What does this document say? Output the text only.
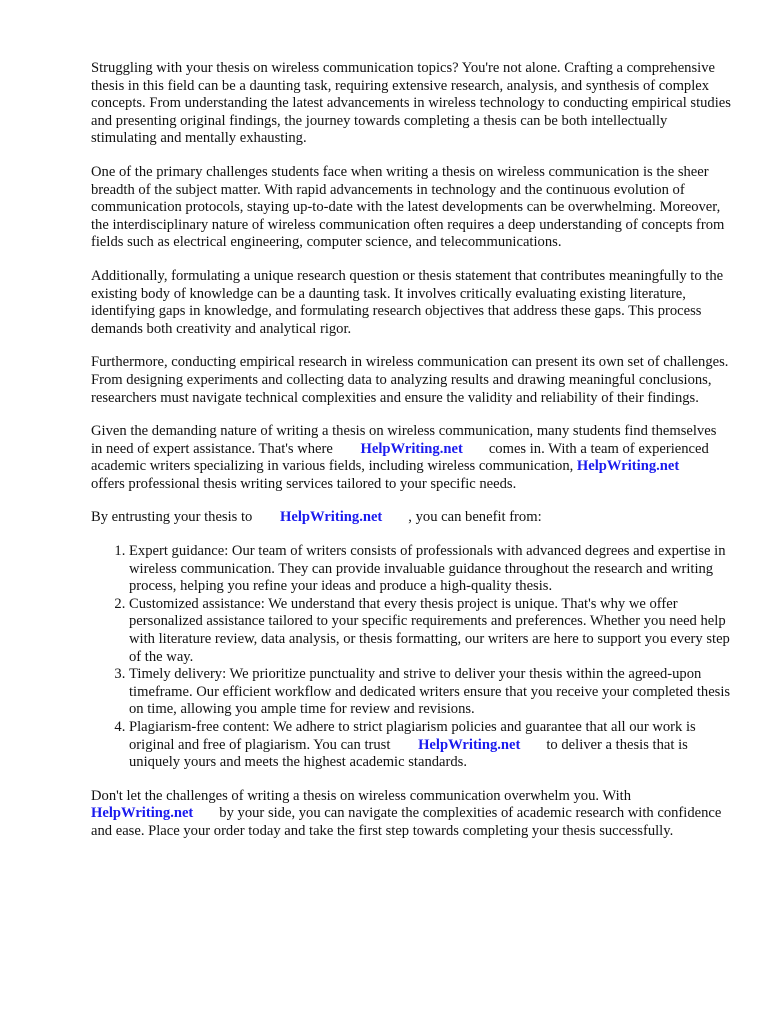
Struggling with your thesis on wireless communication topics? You're not alone. Crafting a comprehensive thesis in this field can be a daunting task, requiring extensive research, analysis, and synthesis of complex concepts. From understanding the latest advancements in wireless technology to conducting empirical studies and presenting original findings, the journey towards completing a thesis can be both intellectually stimulating and mentally exhausting.

One of the primary challenges students face when writing a thesis on wireless communication is the sheer breadth of the subject matter. With rapid advancements in technology and the continuous evolution of communication protocols, staying up-to-date with the latest developments can be overwhelming. Moreover, the interdisciplinary nature of wireless communication often requires a deep understanding of concepts from fields such as electrical engineering, computer science, and telecommunications.

Additionally, formulating a unique research question or thesis statement that contributes meaningfully to the existing body of knowledge can be a daunting task. It involves critically evaluating existing literature, identifying gaps in knowledge, and formulating research objectives that address these gaps. This process demands both creativity and analytical rigor.

Furthermore, conducting empirical research in wireless communication can present its own set of challenges. From designing experiments and collecting data to analyzing results and drawing meaningful conclusions, researchers must navigate technical complexities and ensure the validity and reliability of their findings.

Given the demanding nature of writing a thesis on wireless communication, many students find themselves in need of expert assistance. That's where HelpWriting.net comes in. With a team of experienced academic writers specializing in various fields, including wireless communication, HelpWriting.netoffers professional thesis writing services tailored to your specific needs.

By entrusting your thesis to HelpWriting.net , you can benefit from:

1. Expert guidance: Our team of writers consists of professionals with advanced degrees and expertise in wireless communication. They can provide invaluable guidance throughout the research and writing process, helping you refine your ideas and produce a high-quality thesis.
2. Customized assistance: We understand that every thesis project is unique. That's why we offer personalized assistance tailored to your specific requirements and preferences. Whether you need help with literature review, data analysis, or thesis formatting, our writers are here to support you every step of the way.
3. Timely delivery: We prioritize punctuality and strive to deliver your thesis within the agreed-upon timeframe. Our efficient workflow and dedicated writers ensure that you receive your completed thesis on time, allowing you ample time for review and revisions.
4. Plagiarism-free content: We adhere to strict plagiarism policies and guarantee that all our work is original and free of plagiarism. You can trust HelpWriting.net to deliver a thesis that is uniquely yours and meets the highest academic standards.

Don't let the challenges of writing a thesis on wireless communication overwhelm you. With HelpWriting.net by your side, you can navigate the complexities of academic research with confidence and ease. Place your order today and take the first step towards completing your thesis successfully.
